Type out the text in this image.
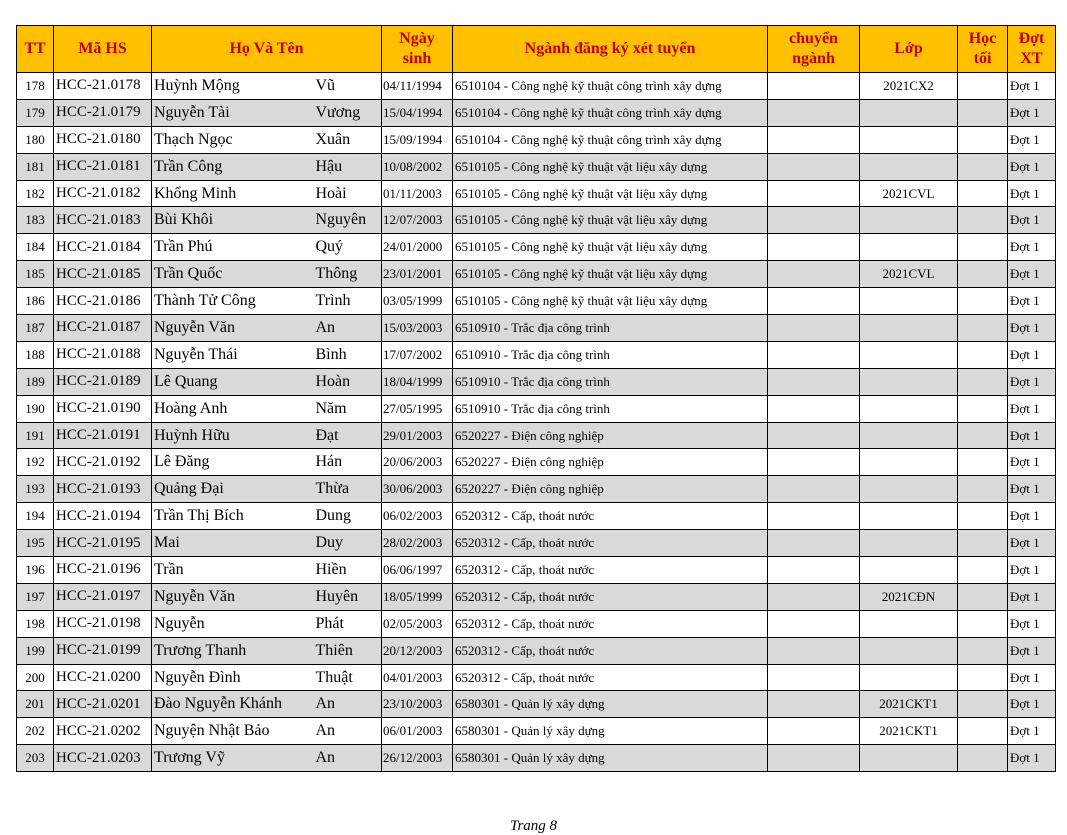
TT	Mã HS	Họ Và Tên		Ngày sinh	Ngành đăng ký xét tuyển	chuyển ngành	Lớp	Học tối	Đợt XT
178	HCC-21.0178	Huỳnh Mộng	Vũ	04/11/1994	6510104 - Công nghệ kỹ thuật công trình xây dựng		2021CX2		Đợt 1
179	HCC-21.0179	Nguyễn Tài	Vương	15/04/1994	6510104 - Công nghệ kỹ thuật công trình xây dựng				Đợt 1
180	HCC-21.0180	Thạch Ngọc	Xuân	15/09/1994	6510104 - Công nghệ kỹ thuật công trình xây dựng				Đợt 1
181	HCC-21.0181	Trần Công	Hậu	10/08/2002	6510105 - Công nghệ kỹ thuật vật liệu xây dựng				Đợt 1
182	HCC-21.0182	Khổng Minh	Hoài	01/11/2003	6510105 - Công nghệ kỹ thuật vật liệu xây dựng		2021CVL		Đợt 1
183	HCC-21.0183	Bùi Khôi	Nguyên	12/07/2003	6510105 - Công nghệ kỹ thuật vật liệu xây dựng				Đợt 1
184	HCC-21.0184	Trần Phú	Quý	24/01/2000	6510105 - Công nghệ kỹ thuật vật liệu xây dựng				Đợt 1
185	HCC-21.0185	Trần Quốc	Thông	23/01/2001	6510105 - Công nghệ kỹ thuật vật liệu xây dựng		2021CVL		Đợt 1
186	HCC-21.0186	Thành Tử Công	Trình	03/05/1999	6510105 - Công nghệ kỹ thuật vật liệu xây dựng				Đợt 1
187	HCC-21.0187	Nguyễn Văn	An	15/03/2003	6510910 - Trắc địa công trình				Đợt 1
188	HCC-21.0188	Nguyễn Thái	Bình	17/07/2002	6510910 - Trắc địa công trình				Đợt 1
189	HCC-21.0189	Lê Quang	Hoàn	18/04/1999	6510910 - Trắc địa công trình				Đợt 1
190	HCC-21.0190	Hoàng Anh	Năm	27/05/1995	6510910 - Trắc địa công trình				Đợt 1
191	HCC-21.0191	Huỳnh Hữu	Đạt	29/01/2003	6520227 - Điện công nghiệp				Đợt 1
192	HCC-21.0192	Lê Đăng	Hán	20/06/2003	6520227 - Điện công nghiệp				Đợt 1
193	HCC-21.0193	Quảng Đại	Thừa	30/06/2003	6520227 - Điện công nghiệp				Đợt 1
194	HCC-21.0194	Trần Thị Bích	Dung	06/02/2003	6520312 - Cấp, thoát nước				Đợt 1
195	HCC-21.0195	Mai	Duy	28/02/2003	6520312 - Cấp, thoát nước				Đợt 1
196	HCC-21.0196	Trần	Hiền	06/06/1997	6520312 - Cấp, thoát nước				Đợt 1
197	HCC-21.0197	Nguyễn Văn	Huyên	18/05/1999	6520312 - Cấp, thoát nước		2021CĐN		Đợt 1
198	HCC-21.0198	Nguyễn	Phát	02/05/2003	6520312 - Cấp, thoát nước				Đợt 1
199	HCC-21.0199	Trương Thanh	Thiên	20/12/2003	6520312 - Cấp, thoát nước				Đợt 1
200	HCC-21.0200	Nguyễn Đình	Thuật	04/01/2003	6520312 - Cấp, thoát nước				Đợt 1
201	HCC-21.0201	Đào Nguyễn Khánh	An	23/10/2003	6580301 - Quản lý xây dựng		2021CKT1		Đợt 1
202	HCC-21.0202	Nguyện Nhật Bảo	An	06/01/2003	6580301 - Quản lý xây dựng		2021CKT1		Đợt 1
203	HCC-21.0203	Trương Vỹ	An	26/12/2003	6580301 - Quản lý xây dựng				Đợt 1
Trang 8
